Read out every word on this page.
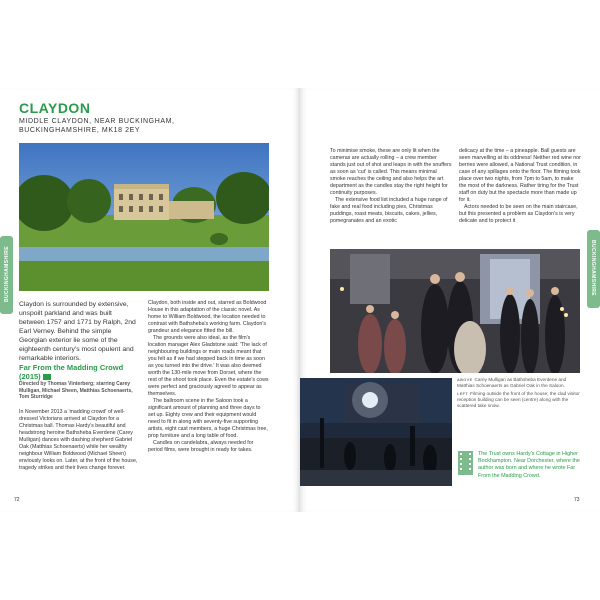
CLAYDON
MIDDLE CLAYDON, NEAR BUCKINGHAM,
BUCKINGHAMSHIRE, MK18 2EY
BUCKINGHAMSHIRE
Claydon is surrounded by extensive, unspoilt parkland and was built between 1757 and 1771 by Ralph, 2nd Earl Verney. Behind the simple Georgian exterior lie some of the eighteenth century's most opulent and remarkable interiors.
Far From the Madding Crowd (2015)
Directed by Thomas Vinterberg; starring Carey Mulligan, Michael Sheen, Matthias Schoenaerts, Tom Sturridge

In November 2013 a 'madding crowd' of well-dressed Victorians arrived at Claydon for a Christmas ball. Thomas Hardy's beautiful and headstrong heroine Bathsheba Everdene (Carey Mulligan) dances with dashing shepherd Gabriel Oak (Matthias Schoenaerts) while her wealthy neighbour William Boldwood (Michael Sheen) enviously looks on. Later, at the front of the house, tragedy strikes and their lives change forever.

Claydon, both inside and out, starred as Boldwood House in this adaptation of the classic novel. As home to William Boldwood, the location needed to contrast with Bathsheba's working farm. Claydon's grandeur and elegance fitted the bill.

The grounds were also ideal, as the film's location manager Alex Gladstone said: 'The lack of neighbouring buildings or main roads meant that you felt as if we had stepped back in time as soon as you turned into the drive.' It was also deemed worth the 130-mile move from Dorset, where the rest of the shoot took place. Even the estate's cows were perfect and graciously agreed to appear as themselves.

The ballroom scene in the Saloon took a significant amount of planning and three days to set up. Eighty crew and their equipment would need to fit in along with seventy-five supporting artists, eight cast members, a huge Christmas tree, prop furniture and a long table of food.

Candles on candelabra, always needed for period films, were brought in ready for takes.

72

To minimise smoke, these are only lit when the cameras are actually rolling – a crew member stands just out of shot and leaps in with the snuffers as soon as 'cut' is called. This means minimal smoke reaches the ceiling and also helps the art department as the candles stay the right height for continuity purposes.

The extensive food list included a huge range of fake and real food including pies, Christmas puddings, roast meats, biscuits, cakes, jellies, pomegranates and an exotic

delicacy at the time – a pineapple. Ball guests are seen marvelling at its oddness! Neither red wine nor berries were allowed, a National Trust condition, in case of any spillages onto the floor. The filming took place over two nights, from 7pm to 5am, to make the most of the darkness. Rather tiring for the Trust staff on duty but the spectacle more than made up for it.

Actors needed to be seen on the main staircase, but this presented a problem as Claydon's is very delicate and to protect it

BUCKINGHAMSHIRE
ABOVE Carey Mulligan as Bathsheba Everdene and Matthias Schoenaerts as Gabriel Oak in the Saloon.
LEFT Filming outside the front of the house; the clad visitor reception building can be seen (centre) along with the scattered take snow.
The Trust owns Hardy's Cottage in Higher Bockhampton. Near Dorchester, where the author was born and where he wrote Far From the Madding Crowd.
73
